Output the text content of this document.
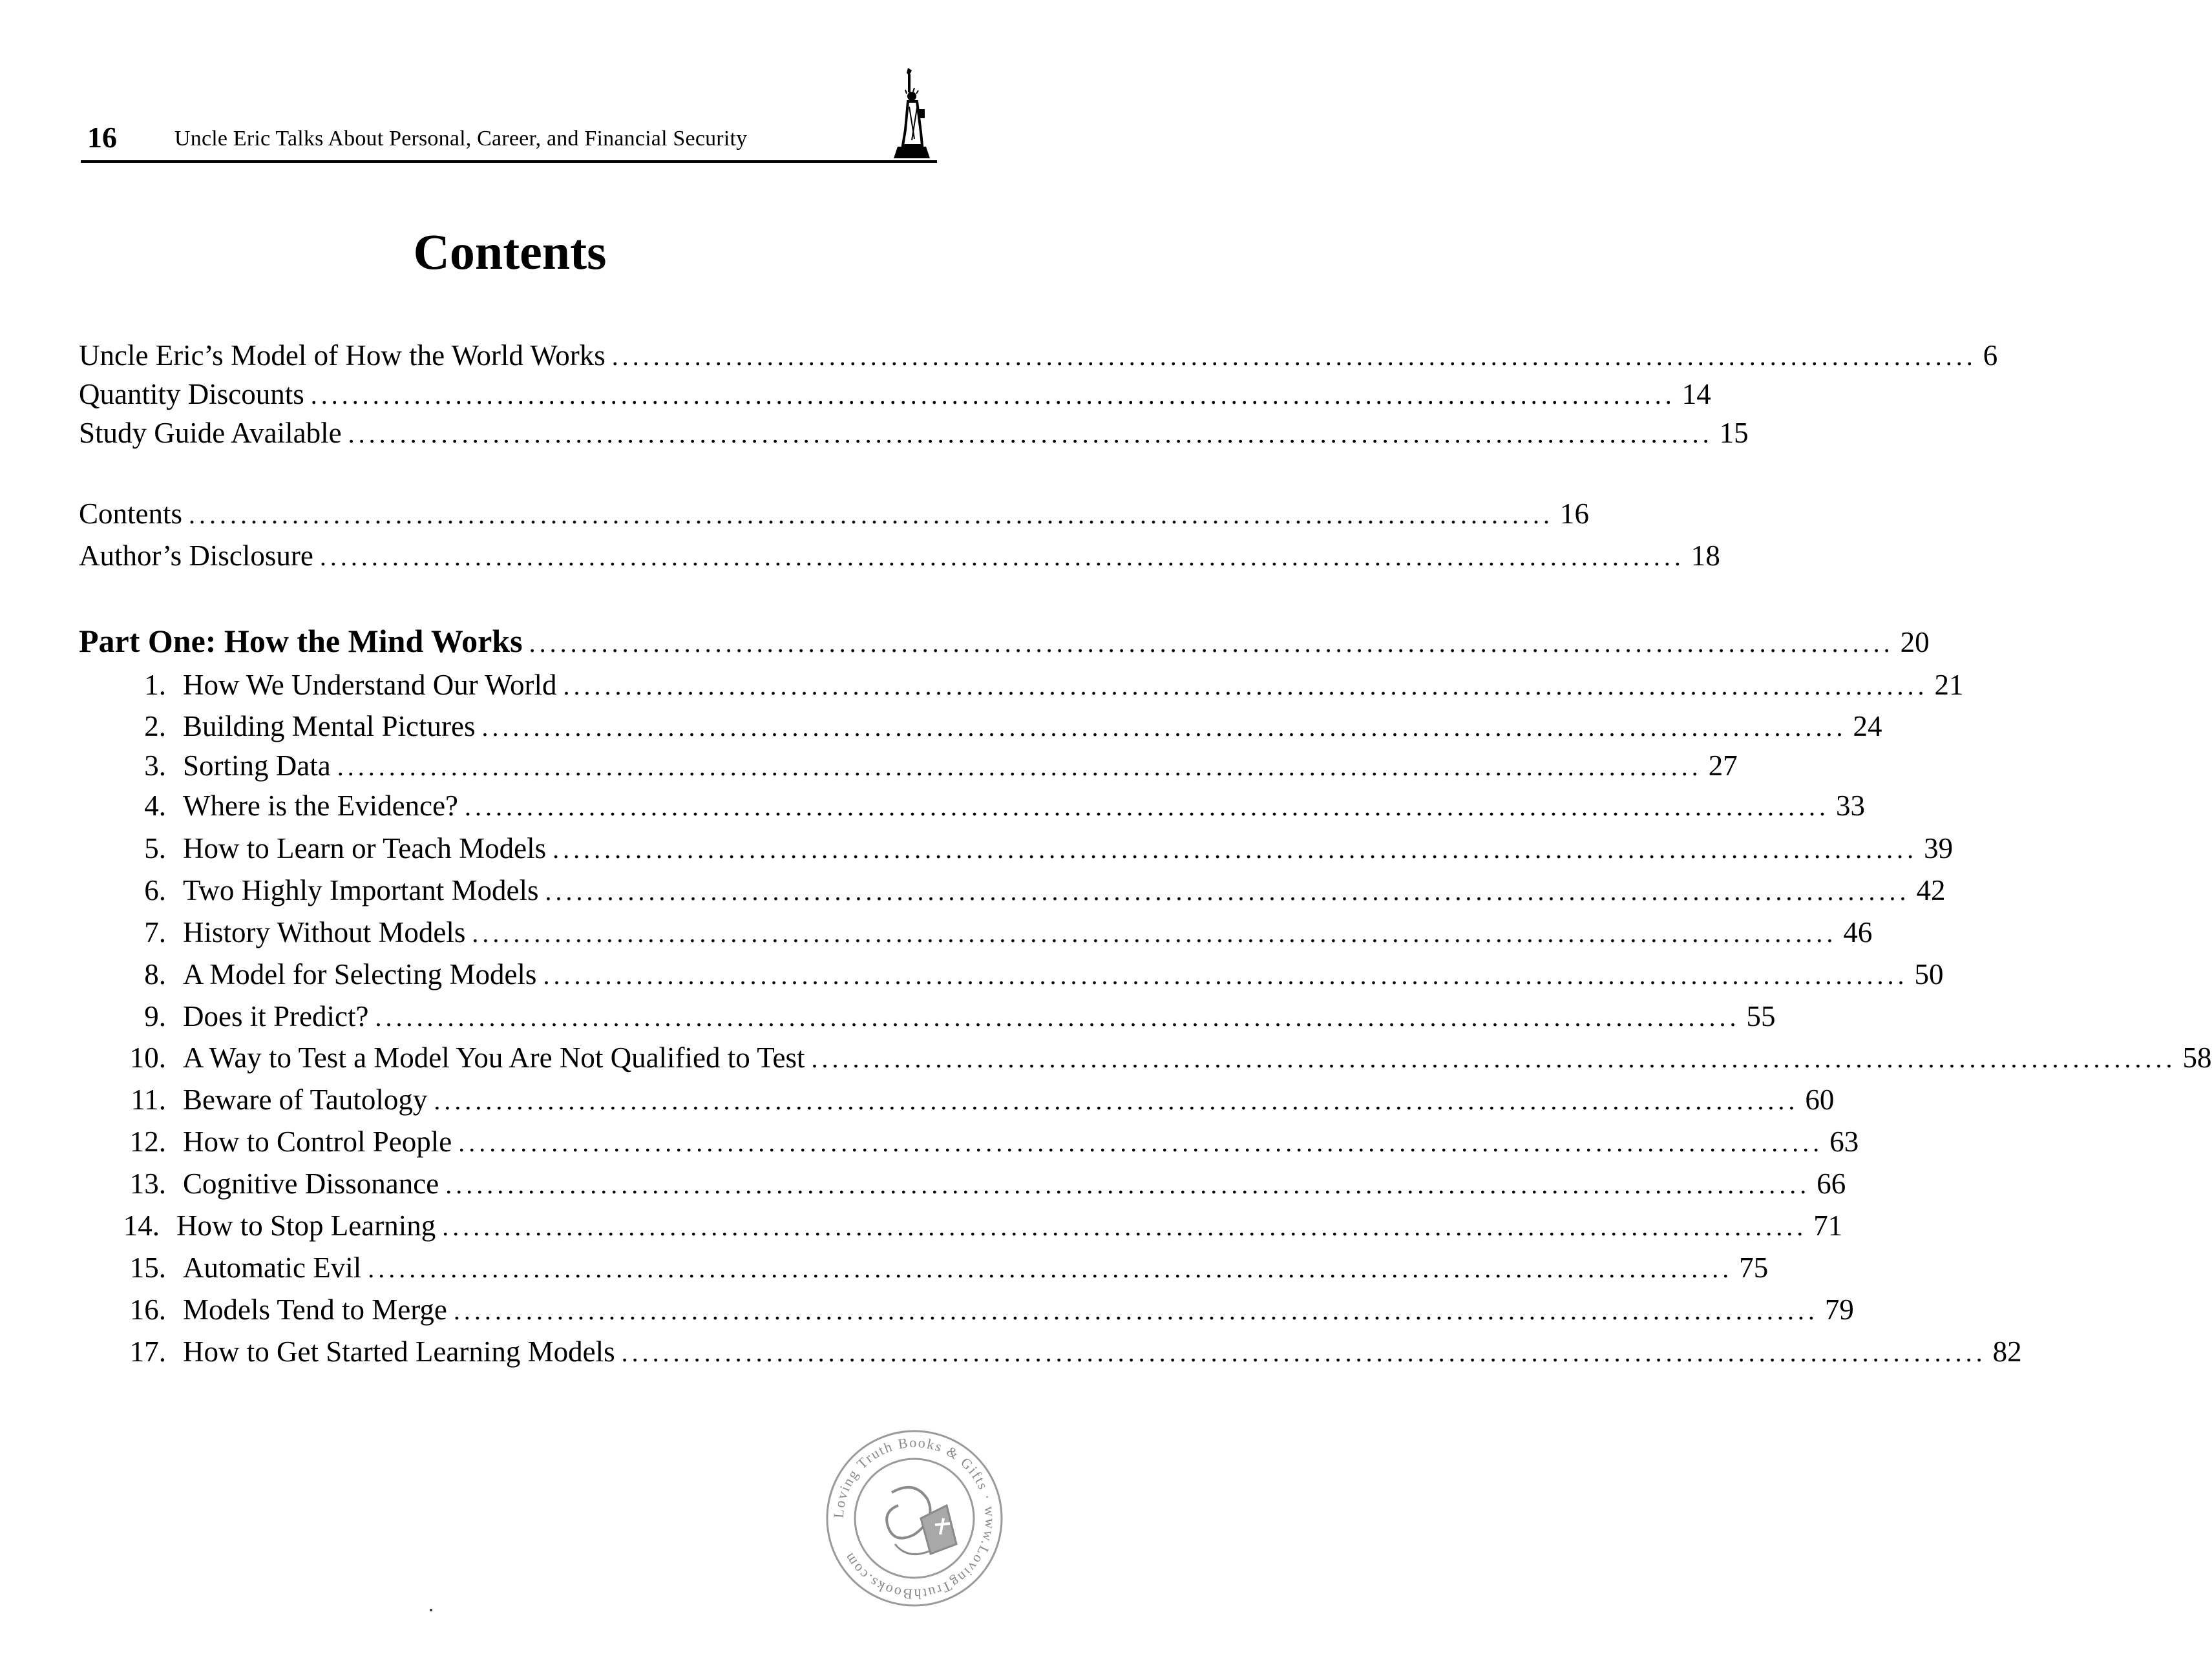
16	Uncle Eric Talks About Personal, Career, and Financial Security
Contents
Uncle Eric’s Model of How the World Works .................................................................................................................................... 6
Quantity Discounts .................................................................................................................................... 14
Study Guide Available .................................................................................................................................... 15
Contents .................................................................................................................................... 16
Author’s Disclosure .................................................................................................................................... 18
Part One: How the Mind Works .................................................................................................................................... 20
1. How We Understand Our World .................................................................................................................................... 21
2. Building Mental Pictures .................................................................................................................................... 24
3. Sorting Data .................................................................................................................................... 27
4. Where is the Evidence? .................................................................................................................................... 33
5. How to Learn or Teach Models .................................................................................................................................... 39
6. Two Highly Important Models .................................................................................................................................... 42
7. History Without Models .................................................................................................................................... 46
8. A Model for Selecting Models .................................................................................................................................... 50
9. Does it Predict? .................................................................................................................................... 55
10. A Way to Test a Model You Are Not Qualified to Test .................................................................................................................................... 58
11. Beware of Tautology .................................................................................................................................... 60
12. How to Control People .................................................................................................................................... 63
13. Cognitive Dissonance .................................................................................................................................... 66
14. How to Stop Learning .................................................................................................................................... 71
15. Automatic Evil .................................................................................................................................... 75
16. Models Tend to Merge .................................................................................................................................... 79
17. How to Get Started Learning Models .................................................................................................................................... 82
Loving Truth Books & Gifts · www.LovingTruthBooks.com
